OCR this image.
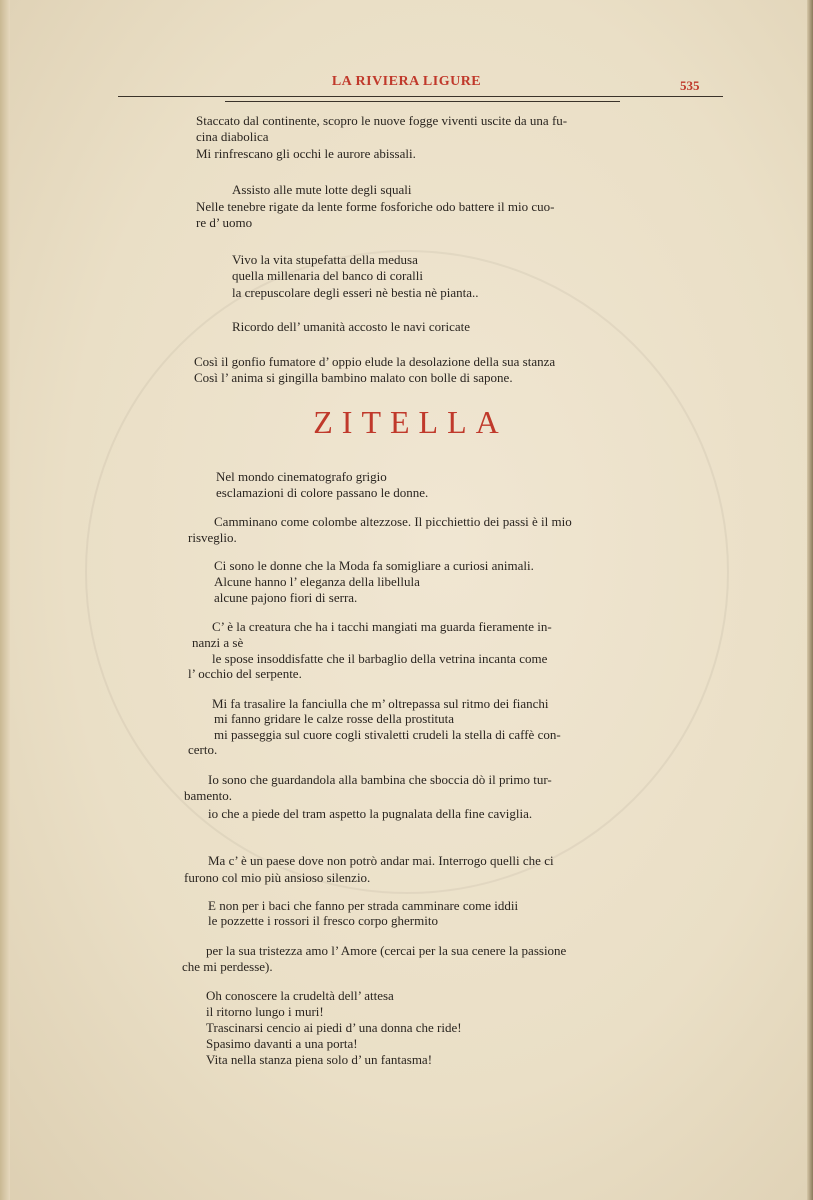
LA RIVIERA LIGURE	535
Staccato dal continente, scopro le nuove fogge viventi uscite da una fu-
cina diabolica
Mi rinfrescano gli occhi le aurore abissali.
Assisto alle mute lotte degli squali
Nelle tenebre rigate da lente forme fosforiche odo battere il mio cuo-
re d’ uomo
Vivo la vita stupefatta della medusa
quella millenaria del banco di coralli
la crepuscolare degli esseri nè bestia nè pianta..
Ricordo dell’ umanità accosto le navi coricate
Così il gonfio fumatore d’ oppio elude la desolazione della sua stanza
Così l’ anima si gingilla bambino malato con bolle di sapone.
ZITELLA
Nel mondo cinematografo grigio
esclamazioni di colore passano le donne.
Camminano come colombe altezzose. Il picchiettio dei passi è il mio
risveglio.
Ci sono le donne che la Moda fa somigliare a curiosi animali.
Alcune hanno l’ eleganza della libellula
alcune pajono fiori di serra.
C’ è la creatura che ha i tacchi mangiati ma guarda fieramente in-
nanzi a sè
le spose insoddisfatte che il barbaglio della vetrina incanta come
l’ occhio del serpente.
Mi fa trasalire la fanciulla che m’ oltrepassa sul ritmo dei fianchi
mi fanno gridare le calze rosse della prostituta
mi passeggia sul cuore cogli stivaletti crudeli la stella di caffè con-
certo.
Io sono che guardandola alla bambina che sboccia dò il primo tur-
bamento.
io che a piede del tram aspetto la pugnalata della fine caviglia.
Ma c’ è un paese dove non potrò andar mai. Interrogo quelli che ci
furono col mio più ansioso silenzio.
E non per i baci che fanno per strada camminare come iddii
le pozzette i rossori il fresco corpo ghermito
per la sua tristezza amo l’ Amore (cercai per la sua cenere la passione
che mi perdesse).
Oh conoscere la crudeltà dell’ attesa
il ritorno lungo i muri!
Trascinarsi cencio ai piedi d’ una donna che ride!
Spasimo davanti a una porta!
Vita nella stanza piena solo d’ un fantasma!
